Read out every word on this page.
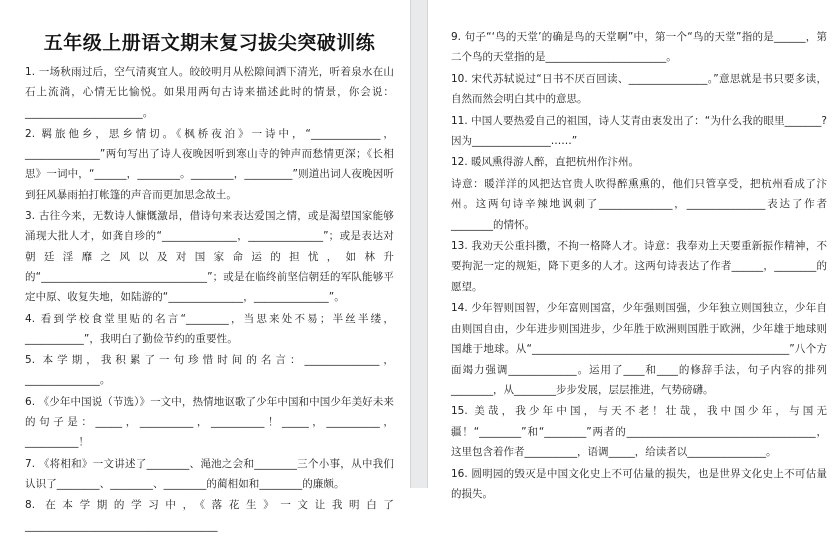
五年级上册语文期末复习拔尖突破训练

1. 一场秋雨过后，空气清爽宜人。皎皎明月从松隙间洒下清光，听着泉水在山石上流淌，心情无比愉悦。如果用两句古诗来描述此时的情景，你会说：______________________。

2. 羁旅他乡，思乡情切。《枫桥夜泊》一诗中，“_____________，______________”两句写出了诗人夜晚因听到寒山寺的钟声而愁情更深；《长相思》一词中，“______，________。________，_________”则道出词人夜晚因听到狂风暴雨拍打帐篷的声音而更加思念故土。

3. 古往今来，无数诗人慷慨激昂，借诗句来表达爱国之情，或是渴望国家能够涌现大批人才，如龚自珍的“______________，______________”；或是表达对朝廷淫靡之风以及对国家命运的担忧，如林升的“_______________________________”；或是在临终前坚信朝廷的军队能够平定中原、收复失地，如陆游的“______________，______________”。

4. 看到学校食堂里贴的名言“________，当思来处不易；半丝半缕，___________”，我明白了勤俭节约的重要性。

5. 本学期，我积累了一句珍惜时间的名言：______________，______________。

6. 《少年中国说（节选）》一文中，热情地讴歌了少年中国和中国少年美好未来的句子是：_____，__________，__________！_____，__________，__________！

7. 《将相和》一文讲述了________、渑池之会和________三个小事，从中我们认识了________、________、________的蔺相如和________的廉颇。

8. 在本学期的学习中，《落花生》一文让我明白了____________________________________

9. 句子“‘鸟的天堂’的确是鸟的天堂啊”中，第一个“鸟的天堂”指的是______，第二个鸟的天堂指的是_______________________。

10. 宋代苏轼说过“日书不厌百回读、_______________。”意思就是书只要多读，自然而然会明白其中的意思。

11. 中国人要热爱自己的祖国，诗人艾青由衷发出了：“为什么我的眼里_______?因为_______________……”

12. 暖风熏得游人醉，直把杭州作汴州。

诗意：暖洋洋的风把达官贵人吹得醉熏熏的，他们只管享受，把杭州看成了汴州。这两句诗辛辣地讽刺了______________，_______________表达了作者________的情怀。

13. 我劝天公重抖擞，不拘一格降人才。诗意：我奉劝上天要重新振作精神，不要拘泥一定的规矩，降下更多的人才。这两句诗表达了作者______，________的愿望。

14. 少年智则国智，少年富则国富，少年强则国强，少年独立则国独立，少年自由则国自由，少年进步则国进步，少年胜于欧洲则国胜于欧洲，少年雄于地球则国雄于地球。从“_________________________________________________”八个方面竭力强调_____________。运用了____和____的修辞手法，句子内容的排列________，从________步步发展，层层推进，气势磅礴。

15. 美哉，我少年中国，与天不老！壮哉，我中国少年，与国无疆！“________”和“________”两者的____________________________________，这里包含着作者__________，语调_____，给读者以_______________。

16. 圆明园的毁灭是中国文化史上不可估量的损失，也是世界文化史上不可估量的损失。
